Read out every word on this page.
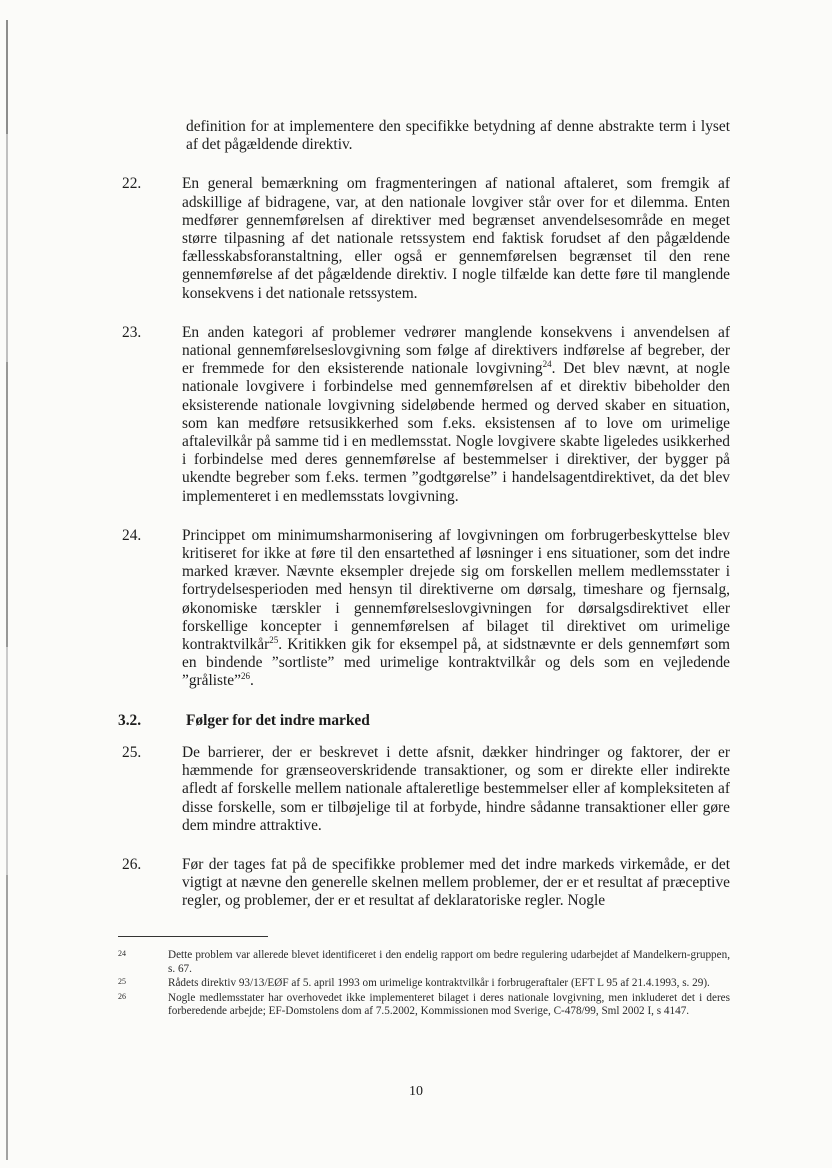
definition for at implementere den specifikke betydning af denne abstrakte term i lyset af det pågældende direktiv.
22.	En general bemærkning om fragmenteringen af national aftaleret, som fremgik af adskillige af bidragene, var, at den nationale lovgiver står over for et dilemma. Enten medfører gennemførelsen af direktiver med begrænset anvendelsesområde en meget større tilpasning af det nationale retssystem end faktisk forudset af den pågældende fællesskabsforanstaltning, eller også er gennemførelsen begrænset til den rene gennemførelse af det pågældende direktiv. I nogle tilfælde kan dette føre til manglende konsekvens i det nationale retssystem.
23.	En anden kategori af problemer vedrører manglende konsekvens i anvendelsen af national gennemførelseslovgivning som følge af direktivers indførelse af begreber, der er fremmede for den eksisterende nationale lovgivning$^{24}$. Det blev nævnt, at nogle nationale lovgivere i forbindelse med gennemførelsen af et direktiv bibeholder den eksisterende nationale lovgivning sideløbende hermed og derved skaber en situation, som kan medføre retsusikkerhed som f.eks. eksistensen af to love om urimelige aftalevilkår på samme tid i en medlemsstat. Nogle lovgivere skabte ligeledes usikkerhed i forbindelse med deres gennemførelse af bestemmelser i direktiver, der bygger på ukendte begreber som f.eks. termen ”godtgørelse” i handelsagentdirektivet, da det blev implementeret i en medlemsstats lovgivning.
24.	Princippet om minimumsharmonisering af lovgivningen om forbrugerbeskyttelse blev kritiseret for ikke at føre til den ensartethed af løsninger i ens situationer, som det indre marked kræver. Nævnte eksempler drejede sig om forskellen mellem medlemsstater i fortrydelsesperioden med hensyn til direktiverne om dørsalg, timeshare og fjernsalg, økonomiske tærskler i gennemførelseslovgivningen for dørsalgsdirektivet eller forskellige koncepter i gennemførelsen af bilaget til direktivet om urimelige kontraktvilkår$^{25}$. Kritikken gik for eksempel på, at sidstnævnte er dels gennemført som en bindende ”sortliste” med urimelige kontraktvilkår og dels som en vejledende ”gråliste”$^{26}$.
3.2.	Følger for det indre marked
25.	De barrierer, der er beskrevet i dette afsnit, dækker hindringer og faktorer, der er hæmmende for grænseoverskridende transaktioner, og som er direkte eller indirekte afledt af forskelle mellem nationale aftaleretlige bestemmelser eller af kompleksiteten af disse forskelle, som er tilbøjelige til at forbyde, hindre sådanne transaktioner eller gøre dem mindre attraktive.
26.	Før der tages fat på de specifikke problemer med det indre markeds virkemåde, er det vigtigt at nævne den generelle skelnen mellem problemer, der er et resultat af præceptive regler, og problemer, der er et resultat af deklaratoriske regler. Nogle
24	Dette problem var allerede blevet identificeret i den endelig rapport om bedre regulering udarbejdet af Mandelkern-gruppen, s. 67.
25	Rådets direktiv 93/13/EØF af 5. april 1993 om urimelige kontraktvilkår i forbrugeraftaler (EFT L 95 af 21.4.1993, s. 29).
26	Nogle medlemsstater har overhovedet ikke implementeret bilaget i deres nationale lovgivning, men inkluderet det i deres forberedende arbejde; EF-Domstolens dom af 7.5.2002, Kommissionen mod Sverige, C-478/99, Sml 2002 I, s 4147.
10
